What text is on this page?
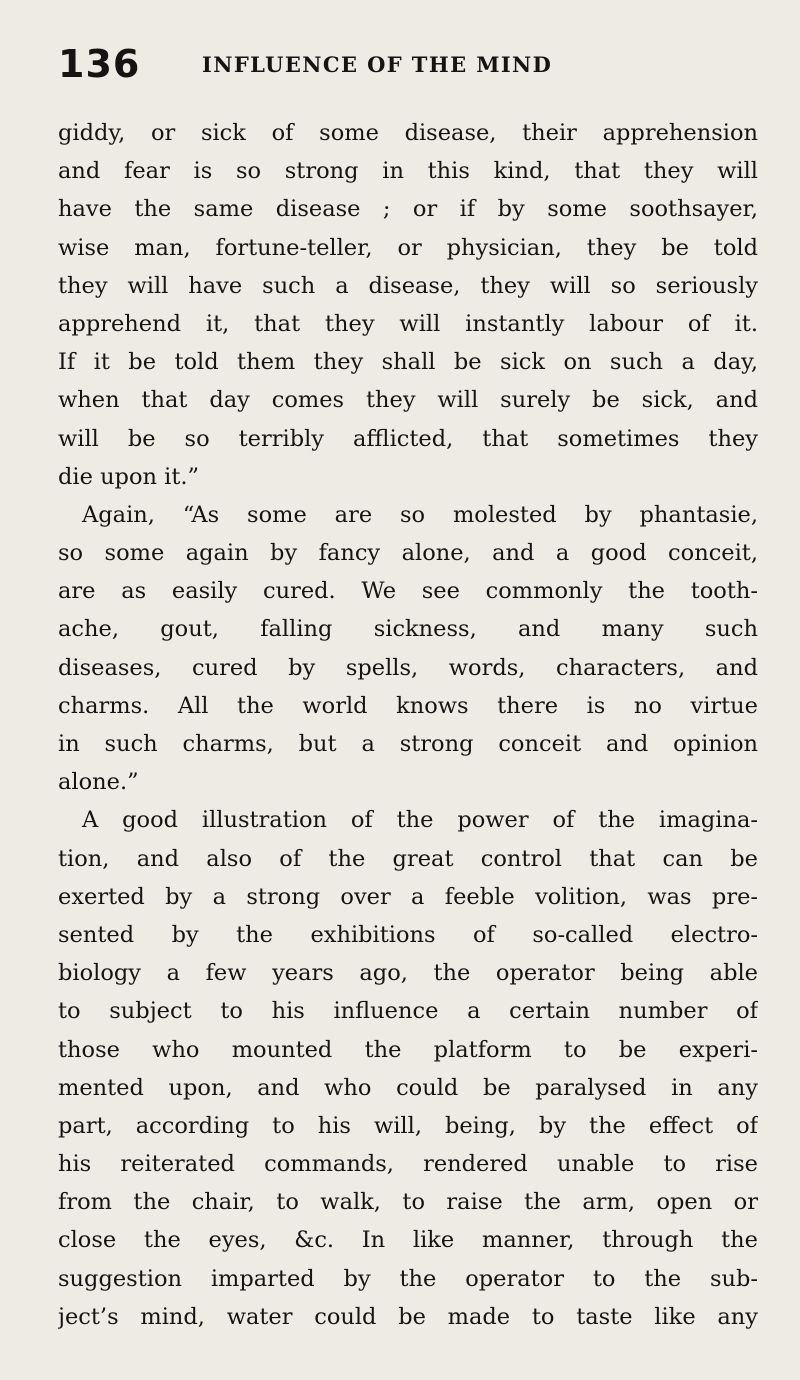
136	INFLUENCE OF THE MIND
giddy, or sick of some disease, their apprehension
and fear is so strong in this kind, that they will
have the same disease ; or if by some soothsayer,
wise man, fortune-teller, or physician, they be told
they will have such a disease, they will so seriously
apprehend it, that they will instantly labour of it.
If it be told them they shall be sick on such a day,
when that day comes they will surely be sick, and
will be so terribly afflicted, that sometimes they
die upon it.”
Again, “As some are so molested by phantasie,
so some again by fancy alone, and a good conceit,
are as easily cured. We see commonly the tooth-
ache, gout, falling sickness, and many such
diseases, cured by spells, words, characters, and
charms. All the world knows there is no virtue
in such charms, but a strong conceit and opinion
alone.”
A good illustration of the power of the imagina-
tion, and also of the great control that can be
exerted by a strong over a feeble volition, was pre-
sented by the exhibitions of so-called electro-
biology a few years ago, the operator being able
to subject to his influence a certain number of
those who mounted the platform to be experi-
mented upon, and who could be paralysed in any
part, according to his will, being, by the effect of
his reiterated commands, rendered unable to rise
from the chair, to walk, to raise the arm, open or
close the eyes, &c. In like manner, through the
suggestion imparted by the operator to the sub-
ject’s mind, water could be made to taste like any
